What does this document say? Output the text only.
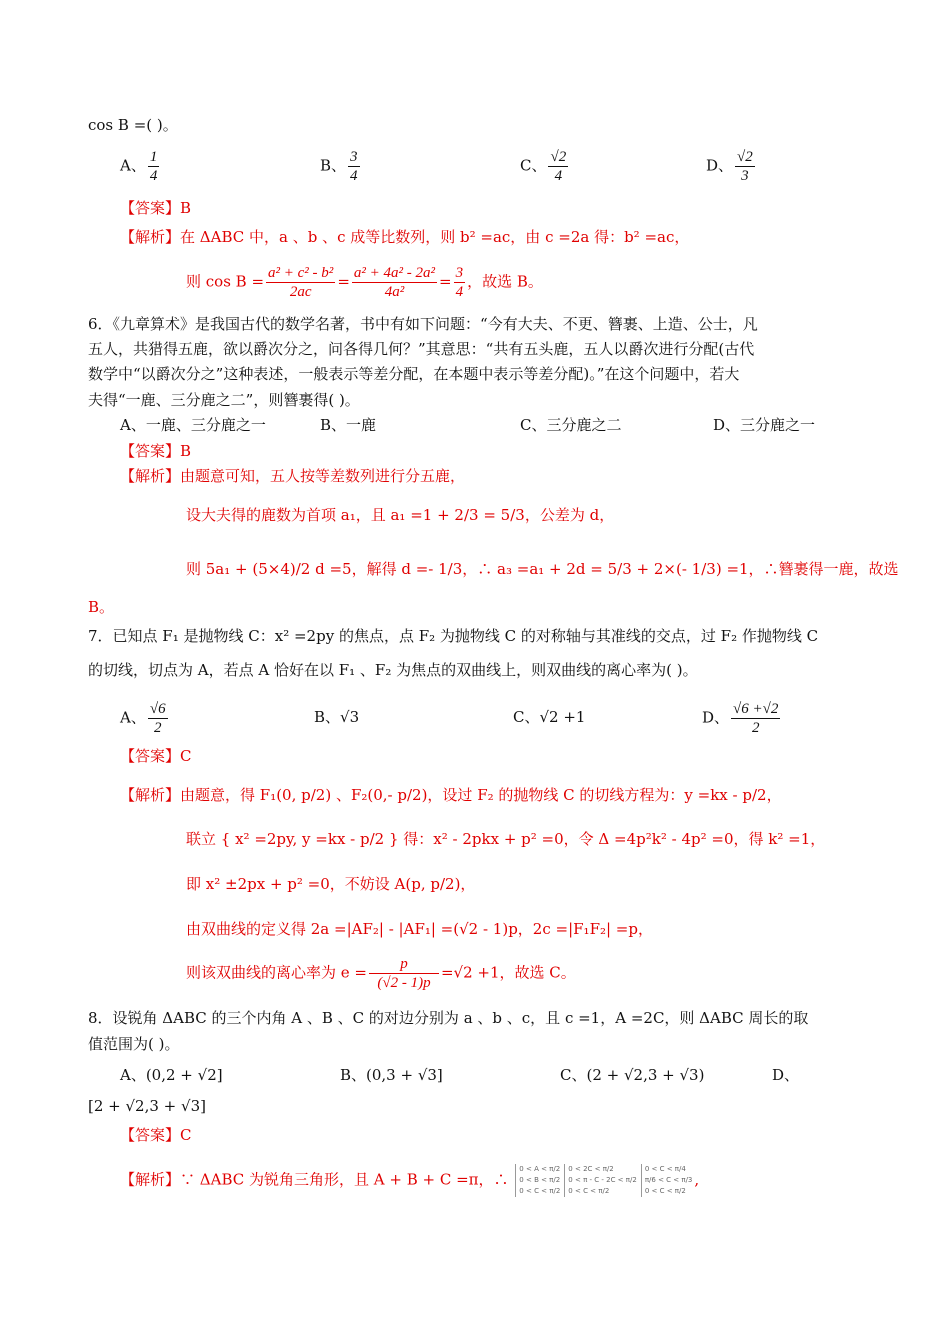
cos B =( )。
A、 $\frac{1}{4}$	B、 $\frac{3}{4}$	C、 $\frac{√2}{4}$	D、 $\frac{√2}{3}$
【答案】B
【解析】在 ΔABC 中，a 、b 、c 成等比数列，则 b² =ac，由 c =2a 得：b² =ac，
则 $\cos B = \frac{\text{a² + c² - b²}}{2ac} = \frac{\text{a² + 4a² - 2a²}}{\text{4a²}} = \frac{3}{4}$ ，故选 B。
6．《九章算术》是我国古代的数学名著，书中有如下问题：“今有大夫、不更、簪裹、上造、公士，凡
五人，共猎得五鹿，欲以爵次分之，问各得几何？”其意思：“共有五头鹿，五人以爵次进行分配(古代
数学中“以爵次分之”这种表述，一般表示等差分配，在本题中表示等差分配)。”在这个问题中，若大
夫得“一鹿、三分鹿之二”，则簪裹得( )。
A、一鹿、三分鹿之一	B、一鹿	C、三分鹿之二	D、三分鹿之一
【答案】B
【解析】由题意可知，五人按等差数列进行分五鹿，
设大夫得的鹿数为首项 a₁，且 a₁ =1 + 2/3 = 5/3，公差为 d，
则 5a₁ + (5×4)/2 d =5，解得 d =- 1/3，∴ a₃ =a₁ + 2d = 5/3 + 2×(- 1/3) =1，∴簪裹得一鹿，故选
B。
7．已知点 F₁ 是抛物线 C：x² =2py 的焦点，点 F₂ 为抛物线 C 的对称轴与其准线的交点，过 F₂ 作抛物线 C
的切线，切点为 A，若点 A 恰好在以 F₁ 、F₂ 为焦点的双曲线上，则双曲线的离心率为( )。
A、 $\frac{√6}{2}$	B、√3	C、√2 +1	D、 $\frac{√6 +√2}{2}$
【答案】C
【解析】由题意，得 F₁(0, p/2) 、F₂(0,- p/2)，设过 F₂ 的抛物线 C 的切线方程为：y =kx - p/2，
联立 { x² =2py, y =kx - p/2 } 得：x² - 2pkx + p² =0，令 Δ =4p²k² - 4p² =0，得 k² =1，
即 x² ±2px + p² =0，不妨设 A(p, p/2)，
由双曲线的定义得 2a =|AF₂| - |AF₁| =(√2 - 1)p，2c =|F₁F₂| =p，
则该双曲线的离心率为 $e = \frac{p}{(√2 - 1)p} =√2 +1$，故选 C。
8．设锐角 ΔABC 的三个内角 A 、B 、C 的对边分别为 a 、b 、c，且 c =1，A =2C，则 ΔABC 周长的取
值范围为( )。
A、(0,2 + √2]	B、(0,3 + √3]	C、(2 + √2,3 + √3)	D、
[2 + √2,3 + √3]
【答案】C
【解析】∵ ΔABC 为锐角三角形，且 A + B + C =π，∴
0 < A < π/2
0 < B < π/2
0 < C < π/2
0 < 2C < π/2
0 < π - C - 2C < π/2
0 < C < π/2
0 < C < π/4
π/6 < C < π/3
0 < C < π/2
,
